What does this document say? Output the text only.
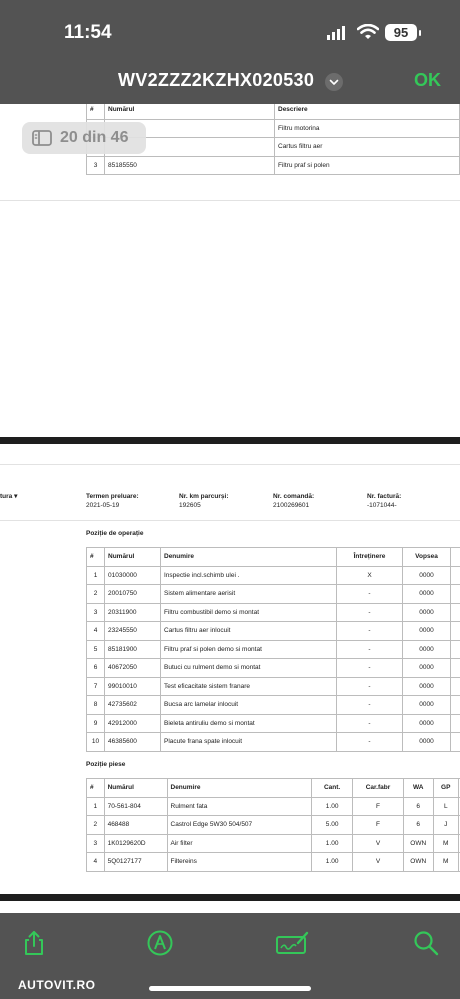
11:54	95
WV2ZZZ2KZHX020530	OK
#	Numărul	Descriere
		Filtru motorina
		Cartus filtru aer
3	85185550	Filtru praf si polen
20 din 46
tura ▾	Termen preluare:
2021-05-19
Nr. km parcurși:
192605
Nr. comandă:
2100269601
Nr. factură:
-1071044-
Poziție de operație
#	Numărul	Denumire	Întreținere	Vopsea	
1	01030000	Inspectie incl.schimb ulei .	X	0000	
2	20010750	Sistem alimentare aerisit	-	0000	
3	20311900	Filtru combustibil demo si montat	-	0000	
4	23245550	Cartus filtru aer inlocuit	-	0000	
5	85181900	Filtru praf si polen demo si montat	-	0000	
6	40672050	Butuci cu rulment demo si montat	-	0000	
7	99010010	Test eficacitate sistem franare	-	0000	
8	42735602	Bucsa arc lamelar inlocuit	-	0000	
9	42912000	Bieleta antiruliu demo si montat	-	0000	
10	46385600	Placute frana spate inlocuit	-	0000	
Poziție piese
#	Numărul	Denumire	Cant.	Car.fabr	WA	GP	
1	70-561-804	Rulment fata	1.00	F	6	L	
2	468488	Castrol Edge 5W30 504/507	5.00	F	6	J	
3	1K0129620D	Air filter	1.00	V	OWN	M	
4	5Q0127177	Filtereins	1.00	V	OWN	M	
AUTOVIT.RO
